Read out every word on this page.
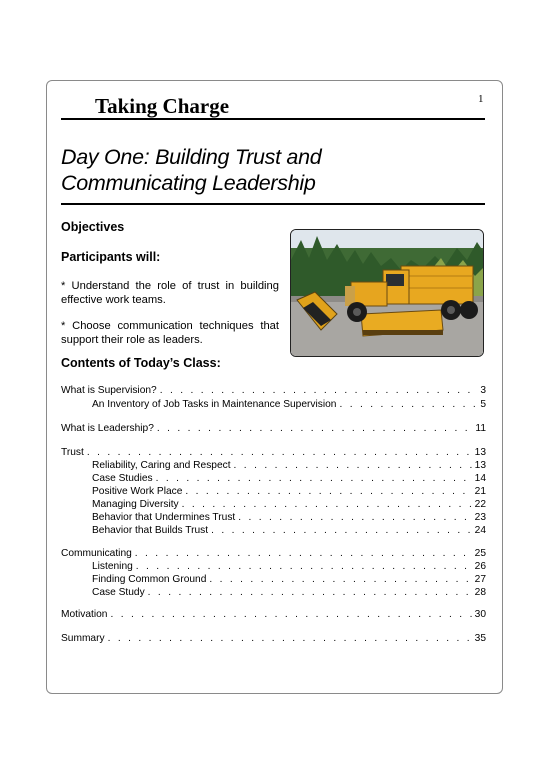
Taking Charge	1
Day One: Building Trust and
Communicating Leadership
Objectives
Participants will:
* Understand the role of trust in building effective work teams.
* Choose communication techniques that support their role as leaders.
Contents of Today’s Class:
What is Supervision? . . .	3
An Inventory of Job Tasks in Maintenance Supervision . . .	5
What is Leadership? . . .	11
Trust . . .	13
Reliability, Caring and Respect . . .	13
Case Studies . . .	14
Positive Work Place . . .	21
Managing Diversity . . .	22
Behavior that Undermines Trust . . .	23
Behavior that Builds Trust . . .	24
Communicating . . .	25
Listening . . .	26
Finding Common Ground . . .	27
Case Study . . .	28
Motivation . . .	30
Summary . . .	35
